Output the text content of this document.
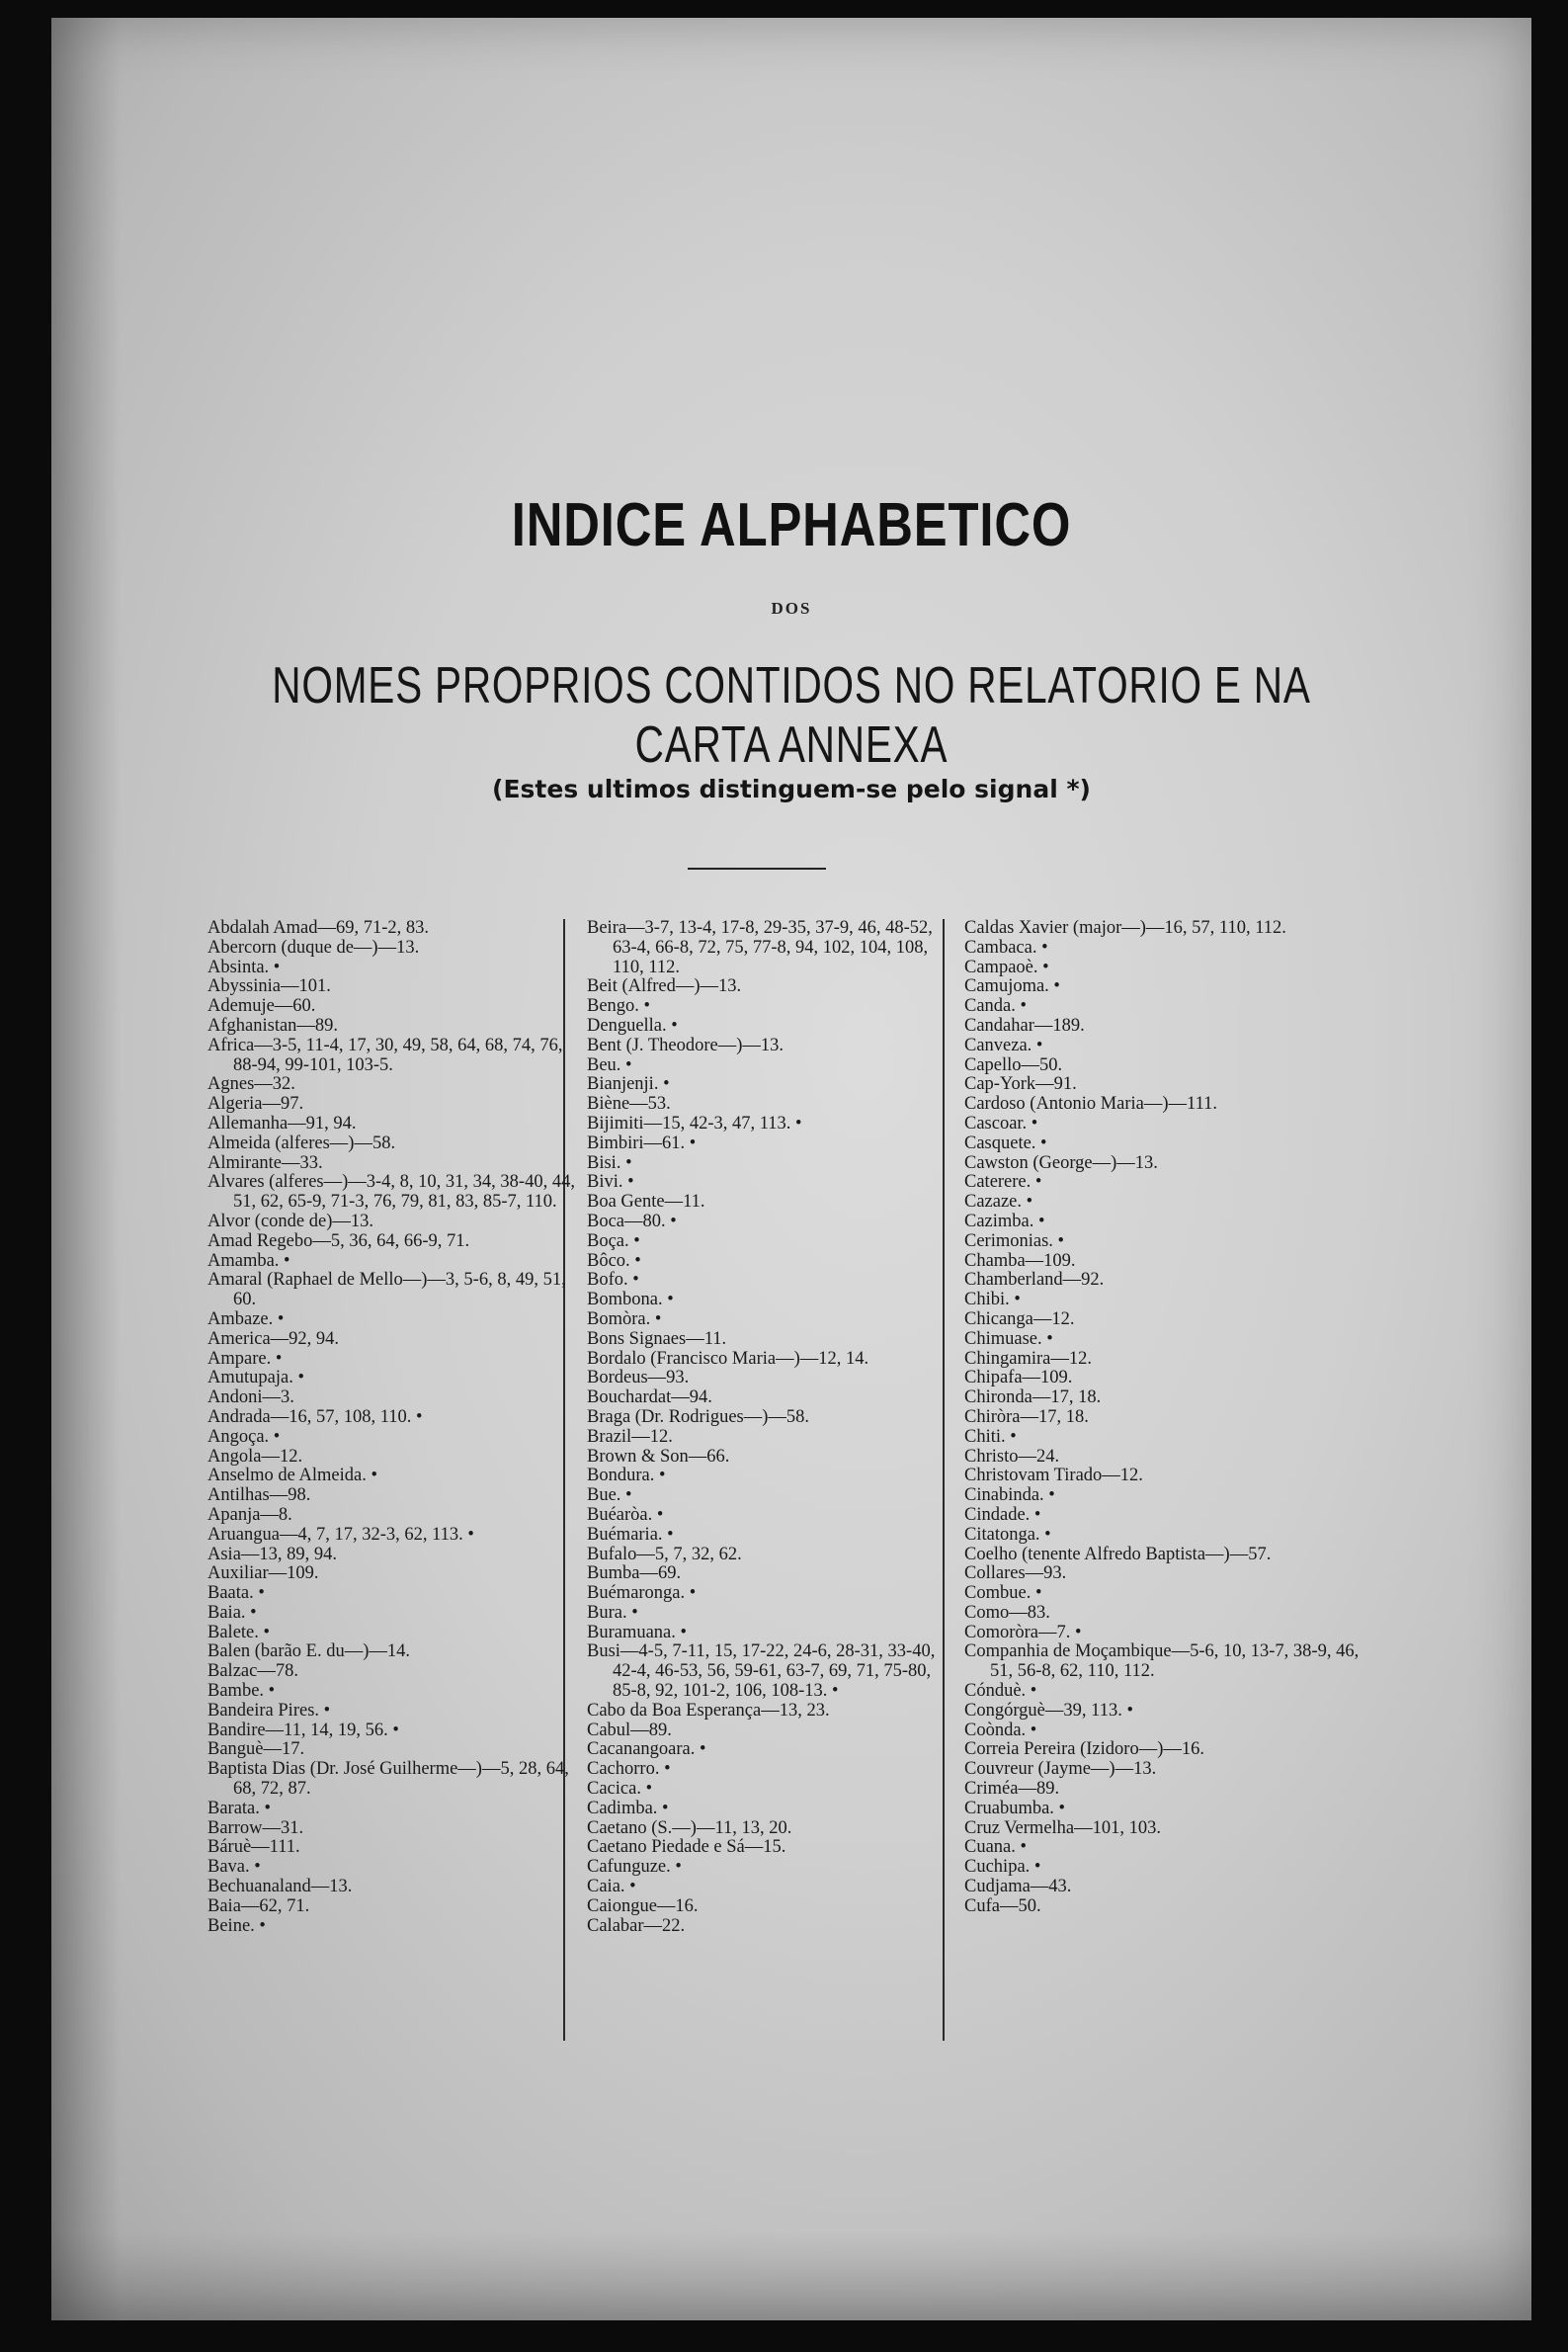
INDICE ALPHABETICO
DOS
NOMES PROPRIOS CONTIDOS NO RELATORIO E NA CARTA ANNEXA
(Estes ultimos distinguem-se pelo signal *)
Abdalah Amad—69, 71-2, 83.
Abercorn (duque de—)—13.
Absinta. •
Abyssinia—101.
Ademuje—60.
Afghanistan—89.
Africa—3-5, 11-4, 17, 30, 49, 58, 64, 68, 74, 76, 88-94, 99-101, 103-5.
Agnes—32.
Algeria—97.
Allemanha—91, 94.
Almeida (alferes—)—58.
Almirante—33.
Alvares (alferes—)—3-4, 8, 10, 31, 34, 38-40, 44, 51, 62, 65-9, 71-3, 76, 79, 81, 83, 85-7, 110.
Alvor (conde de)—13.
Amad Regebo—5, 36, 64, 66-9, 71.
Amamba. •
Amaral (Raphael de Mello—)—3, 5-6, 8, 49, 51, 60.
Ambaze. •
America—92, 94.
Ampare. •
Amutupaja. •
Andoni—3.
Andrada—16, 57, 108, 110. •
Angoça. •
Angola—12.
Anselmo de Almeida. •
Antilhas—98.
Apanja—8.
Aruangua—4, 7, 17, 32-3, 62, 113. •
Asia—13, 89, 94.
Auxiliar—109.
Baata. •
Baia. •
Balete. •
Balen (barão E. du—)—14.
Balzac—78.
Bambe. •
Bandeira Pires. •
Bandire—11, 14, 19, 56. •
Banguè—17.
Baptista Dias (Dr. José Guilherme—)—5, 28, 64, 68, 72, 87.
Barata. •
Barrow—31.
Báruè—111.
Bava. •
Bechuanaland—13.
Baia—62, 71.
Beine. •
Beira—3-7, 13-4, 17-8, 29-35, 37-9, 46, 48-52, 63-4, 66-8, 72, 75, 77-8, 94, 102, 104, 108, 110, 112.
Beit (Alfred—)—13.
Bengo. •
Denguella. •
Bent (J. Theodore—)—13.
Beu. •
Bianjenji. •
Biène—53.
Bijimiti—15, 42-3, 47, 113. •
Bimbiri—61. •
Bisi. •
Bivi. •
Boa Gente—11.
Boca—80. •
Boça. •
Bôco. •
Bofo. •
Bombona. •
Bomòra. •
Bons Signaes—11.
Bordalo (Francisco Maria—)—12, 14.
Bordeus—93.
Bouchardat—94.
Braga (Dr. Rodrigues—)—58.
Brazil—12.
Brown & Son—66.
Bondura. •
Bue. •
Buéaròa. •
Buémaria. •
Bufalo—5, 7, 32, 62.
Bumba—69.
Buémaronga. •
Bura. •
Buramuana. •
Busi—4-5, 7-11, 15, 17-22, 24-6, 28-31, 33-40, 42-4, 46-53, 56, 59-61, 63-7, 69, 71, 75-80, 85-8, 92, 101-2, 106, 108-13. •
Cabo da Boa Esperança—13, 23.
Cabul—89.
Cacanangoara. •
Cachorro. •
Cacica. •
Cadimba. •
Caetano (S.—)—11, 13, 20.
Caetano Piedade e Sá—15.
Cafunguze. •
Caia. •
Caiongue—16.
Calabar—22.
Caldas Xavier (major—)—16, 57, 110, 112.
Cambaca. •
Campaoè. •
Camujoma. •
Canda. •
Candahar—189.
Canveza. •
Capello—50.
Cap-York—91.
Cardoso (Antonio Maria—)—111.
Cascoar. •
Casquete. •
Cawston (George—)—13.
Caterere. •
Cazaze. •
Cazimba. •
Cerimonias. •
Chamba—109.
Chamberland—92.
Chibi. •
Chicanga—12.
Chimuase. •
Chingamira—12.
Chipafa—109.
Chironda—17, 18.
Chiròra—17, 18.
Chiti. •
Christo—24.
Christovam Tirado—12.
Cinabinda. •
Cindade. •
Citatonga. •
Coelho (tenente Alfredo Baptista—)—57.
Collares—93.
Combue. •
Como—83.
Comoròra—7. •
Companhia de Moçambique—5-6, 10, 13-7, 38-9, 46, 51, 56-8, 62, 110, 112.
Cónduè. •
Congórguè—39, 113. •
Coònda. •
Correia Pereira (Izidoro—)—16.
Couvreur (Jayme—)—13.
Criméa—89.
Cruabumba. •
Cruz Vermelha—101, 103.
Cuana. •
Cuchipa. •
Cudjama—43.
Cufa—50.
